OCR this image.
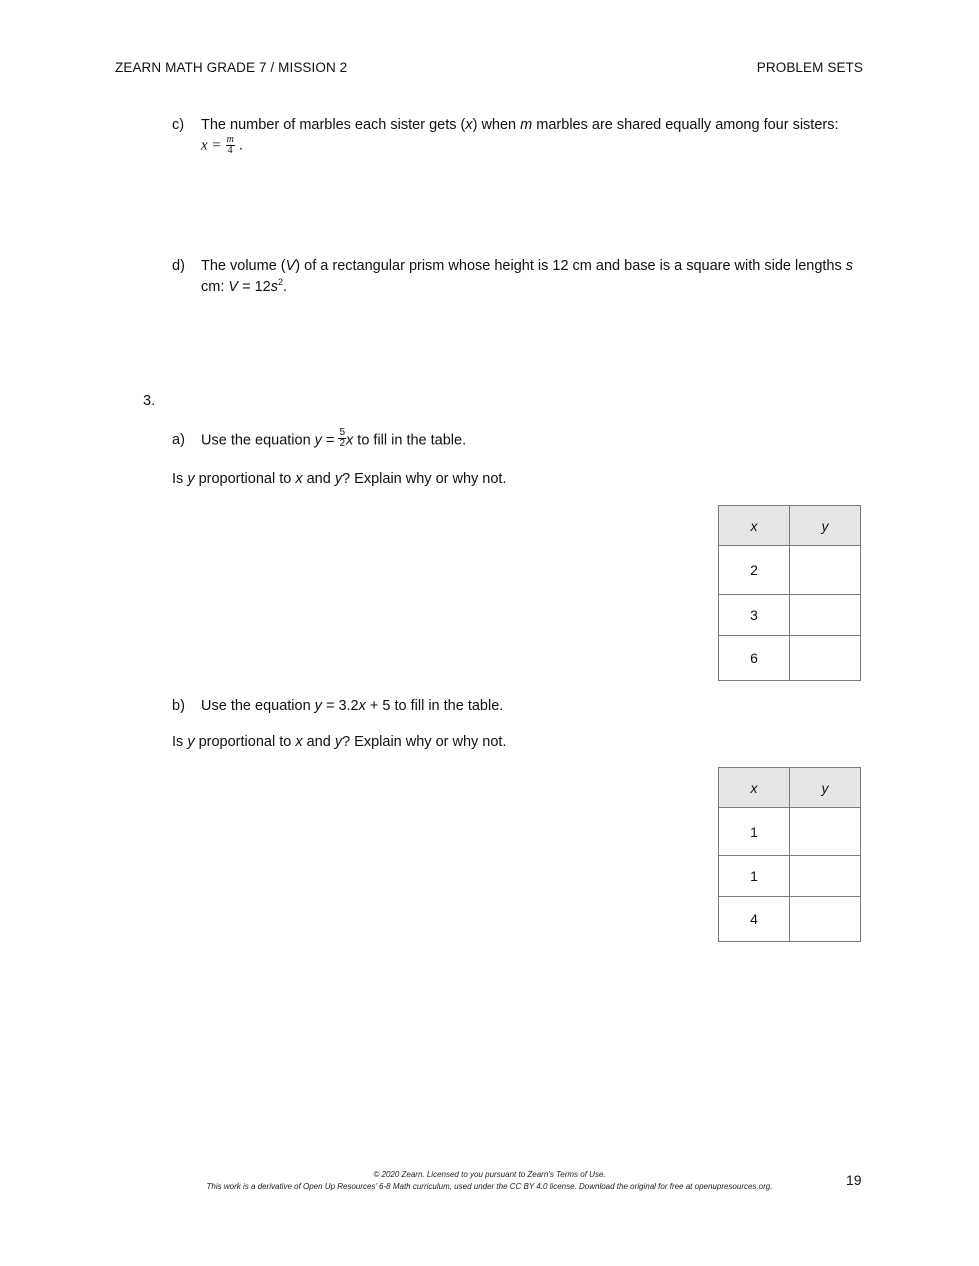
ZEARN MATH GRADE 7 / MISSION 2	PROBLEM SETS
c) The number of marbles each sister gets (x) when m marbles are shared equally among four sisters:
$x = \frac{m}{4}$ .
d) The volume (V) of a rectangular prism whose height is 12 cm and base is a square with side lengths s
cm: $V = 12s^2$.
3.
a) Use the equation $y = \frac{5}{2}$ x to fill in the table.
Is y proportional to x and y? Explain why or why not.
x	y
2	
3	
6	
b) Use the equation y = 3.2x + 5 to fill in the table.
Is y proportional to x and y? Explain why or why not.
x	y
1	
1	
4	
© 2020 Zearn. Licensed to you pursuant to Zearn’s Terms of Use.
This work is a derivative of Open Up Resources’ 6-8 Math curriculum, used under the CC BY 4.0 license. Download the original for free at openupresources.org.	19
